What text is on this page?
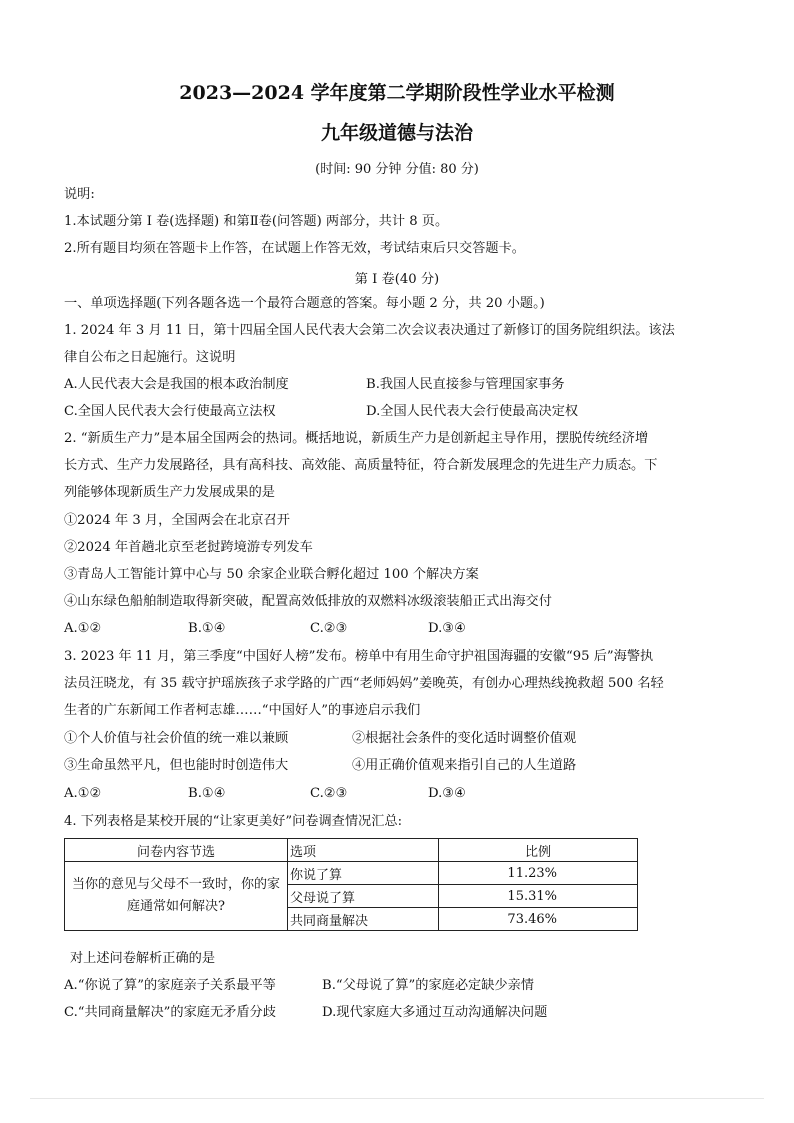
2023—2024 学年度第二学期阶段性学业水平检测
九年级道德与法治
(时间: 90 分钟 分值: 80 分)
说明:
1.本试题分第 I 卷(选择题) 和第Ⅱ卷(问答题) 两部分，共计 8 页。
2.所有题目均须在答题卡上作答，在试题上作答无效，考试结束后只交答题卡。
第 I 卷(40 分)
一、单项选择题(下列各题各选一个最符合题意的答案。每小题 2 分，共 20 小题。)
1. 2024 年 3 月 11 日，第十四届全国人民代表大会第二次会议表决通过了新修订的国务院组织法。该法
律自公布之日起施行。这说明
A.人民代表大会是我国的根本政治制度	B.我国人民直接参与管理国家事务
C.全国人民代表大会行使最高立法权	D.全国人民代表大会行使最高决定权
2. “新质生产力”是本届全国两会的热词。概括地说，新质生产力是创新起主导作用，摆脱传统经济增
长方式、生产力发展路径，具有高科技、高效能、高质量特征，符合新发展理念的先进生产力质态。下
列能够体现新质生产力发展成果的是
①2024 年 3 月，全国两会在北京召开
②2024 年首趟北京至老挝跨境游专列发车
③青岛人工智能计算中心与 50 余家企业联合孵化超过 100 个解决方案
④山东绿色船舶制造取得新突破，配置高效低排放的双燃料冰级滚装船正式出海交付
A.①②	B.①④	C.②③	D.③④
3. 2023 年 11 月，第三季度“中国好人榜”发布。榜单中有用生命守护祖国海疆的安徽“95 后”海警执
法员汪晓龙，有 35 载守护瑶族孩子求学路的广西“老师妈妈”姜晚英，有创办心理热线挽救超 500 名轻
生者的广东新闻工作者柯志雄……“中国好人”的事迹启示我们
①个人价值与社会价值的统一难以兼顾	②根据社会条件的变化适时调整价值观
③生命虽然平凡，但也能时时创造伟大	④用正确价值观来指引自己的人生道路
A.①②	B.①④	C.②③	D.③④
4. 下列表格是某校开展的“让家更美好”问卷调查情况汇总:
问卷内容节选	选项	比例

当你的意见与父母不一致时，你的家
庭通常如何解决?	你说了算	11.23%
	父母说了算	15.31%
	共同商量解决	73.46%
对上述问卷解析正确的是
A.“你说了算”的家庭亲子关系最平等	B.“父母说了算”的家庭必定缺少亲情
C.“共同商量解决”的家庭无矛盾分歧	D.现代家庭大多通过互动沟通解决问题
